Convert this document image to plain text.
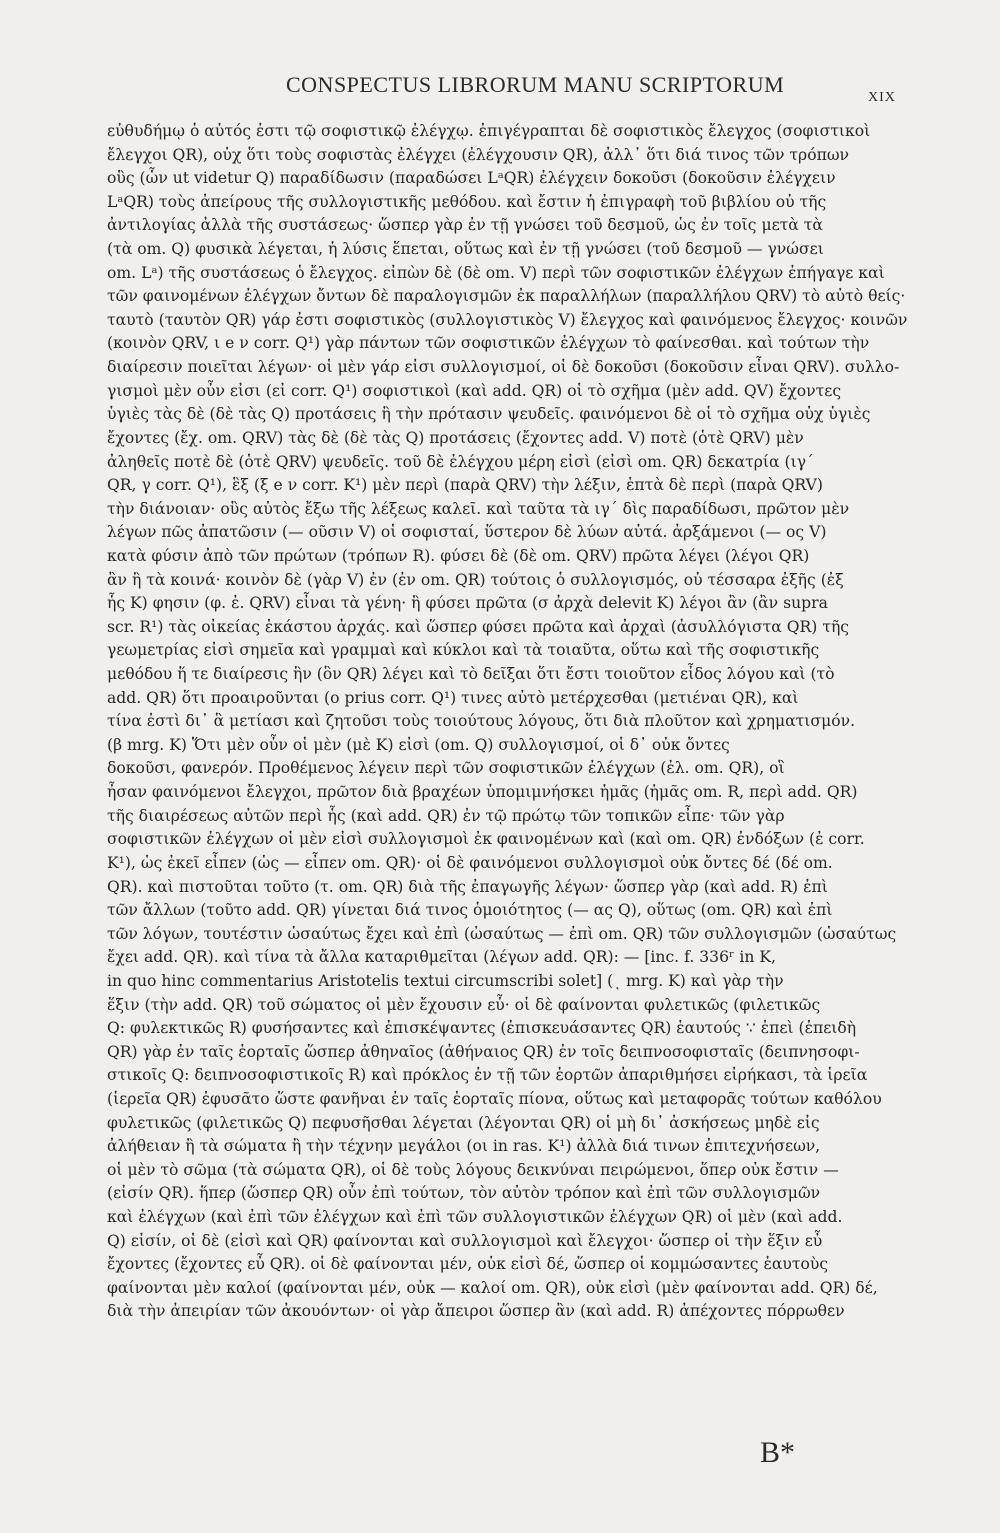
CONSPECTUS LIBRORUM MANU SCRIPTORUM
XIX
εὐθυδήμῳ ὁ αὐτός ἐστι τῷ σοφιστικῷ ἐλέγχῳ. ἐπιγέγραπται δὲ σοφιστικὸς ἔλεγχος (σοφιστικοὶ
ἔλεγχοι QR), οὐχ ὅτι τοὺς σοφιστὰς ἐλέγχει (ἐλέγχουσιν QR), ἀλλ᾽ ὅτι διά τινος τῶν τρόπων
οὓς (ὧν ut videtur Q) παραδίδωσιν (παραδώσει LᵃQR) ἐλέγχειν δοκοῦσι (δοκοῦσιν ἐλέγχειν
LᵃQR) τοὺς ἀπείρους τῆς συλλογιστικῆς μεθόδου. καὶ ἔστιν ἡ ἐπιγραφὴ τοῦ βιβλίου οὐ τῆς
ἀντιλογίας ἀλλὰ τῆς συστάσεως· ὥσπερ γὰρ ἐν τῇ γνώσει τοῦ δεσμοῦ, ὡς ἐν τοῖς μετὰ τὰ
(τὰ om. Q) φυσικὰ λέγεται, ἡ λύσις ἕπεται, οὕτως καὶ ἐν τῇ γνώσει (τοῦ δεσμοῦ — γνώσει
om. Lᵃ) τῆς συστάσεως ὁ ἔλεγχος. εἰπὼν δὲ (δὲ om. V) περὶ τῶν σοφιστικῶν ἐλέγχων ἐπήγαγε καὶ
τῶν φαινομένων ἐλέγχων ὄντων δὲ παραλογισμῶν ἐκ παραλλήλων (παραλλήλου QRV) τὸ αὐτὸ θείς·
ταυτὸ (ταυτὸν QR) γάρ ἐστι σοφιστικὸς (συλλογιστικὸς V) ἔλεγχος καὶ φαινόμενος ἔλεγχος· κοινῶν
(κοινὸν QRV, ι e ν corr. Q¹) γὰρ πάντων τῶν σοφιστικῶν ἐλέγχων τὸ φαίνεσθαι. καὶ τούτων τὴν
διαίρεσιν ποιεῖται λέγων· οἱ μὲν γάρ εἰσι συλλογισμοί, οἱ δὲ δοκοῦσι (δοκοῦσιν εἶναι QRV). συλλο-
γισμοὶ μὲν οὖν εἰσι (εἰ corr. Q¹) σοφιστικοὶ (καὶ add. QR) οἱ τὸ σχῆμα (μὲν add. QV) ἔχοντες
ὑγιὲς τὰς δὲ (δὲ τὰς Q) προτάσεις ἢ τὴν πρότασιν ψευδεῖς. φαινόμενοι δὲ οἱ τὸ σχῆμα οὐχ ὑγιὲς
ἔχοντες (ἔχ. om. QRV) τὰς δὲ (δὲ τὰς Q) προτάσεις (ἔχοντες add. V) ποτὲ (ὁτὲ QRV) μὲν
ἀληθεῖς ποτὲ δὲ (ὁτὲ QRV) ψευδεῖς. τοῦ δὲ ἐλέγχου μέρη εἰσὶ (εἰσὶ om. QR) δεκατρία (ιγ´
QR, γ corr. Q¹), ἓξ (ξ e ν corr. K¹) μὲν περὶ (παρὰ QRV) τὴν λέξιν, ἑπτὰ δὲ περὶ (παρὰ QRV)
τὴν διάνοιαν· οὓς αὐτὸς ἔξω τῆς λέξεως καλεῖ. καὶ ταῦτα τὰ ιγ´ δὶς παραδίδωσι, πρῶτον μὲν
λέγων πῶς ἀπατῶσιν (— οῦσιν V) οἱ σοφισταί, ὕστερον δὲ λύων αὐτά. ἀρξάμενοι (— ος V)
κατὰ φύσιν ἀπὸ τῶν πρώτων (τρόπων R). φύσει δὲ (δὲ om. QRV) πρῶτα λέγει (λέγοι QR)
ἂν ἢ τὰ κοινά· κοινὸν δὲ (γὰρ V) ἐν (ἐν om. QR) τούτοις ὁ συλλογισμός, οὐ τέσσαρα ἐξῆς (ἐξ
ἧς K) φησιν (φ. ἐ. QRV) εἶναι τὰ γένη· ἢ φύσει πρῶτα (σ ἀρχὰ delevit K) λέγοι ἂν (ἂν supra
scr. R¹) τὰς οἰκείας ἑκάστου ἀρχάς. καὶ ὥσπερ φύσει πρῶτα καὶ ἀρχαὶ (ἀσυλλόγιστα QR) τῆς
γεωμετρίας εἰσὶ σημεῖα καὶ γραμμαὶ καὶ κύκλοι καὶ τὰ τοιαῦτα, οὕτω καὶ τῆς σοφιστικῆς
μεθόδου ἥ τε διαίρεσις ἣν (ὃν QR) λέγει καὶ τὸ δεῖξαι ὅτι ἔστι τοιοῦτον εἶδος λόγου καὶ (τὸ
add. QR) ὅτι προαιροῦνται (ο prius corr. Q¹) τινες αὐτὸ μετέρχεσθαι (μετιέναι QR), καὶ
τίνα ἐστὶ δι᾽ ἃ μετίασι καὶ ζητοῦσι τοὺς τοιούτους λόγους, ὅτι διὰ πλοῦτον καὶ χρηματισμόν.
(β mrg. K) Ὅτι μὲν οὖν οἱ μὲν (μὲ K) εἰσὶ (om. Q) συλλογισμοί, οἱ δ᾽ οὐκ ὄντες
δοκοῦσι, φανερόν. Προθέμενος λέγειν περὶ τῶν σοφιστικῶν ἐλέγχων (ἐλ. om. QR), οἳ
ἦσαν φαινόμενοι ἔλεγχοι, πρῶτον διὰ βραχέων ὑπομιμνήσκει ἡμᾶς (ἡμᾶς om. R, περὶ add. QR)
τῆς διαιρέσεως αὐτῶν περὶ ἧς (καὶ add. QR) ἐν τῷ πρώτῳ τῶν τοπικῶν εἶπε· τῶν γὰρ
σοφιστικῶν ἐλέγχων οἱ μὲν εἰσὶ συλλογισμοὶ ἐκ φαινομένων καὶ (καὶ om. QR) ἐνδόξων (ἐ corr.
K¹), ὡς ἐκεῖ εἶπεν (ὡς — εἶπεν om. QR)· οἱ δὲ φαινόμενοι συλλογισμοὶ οὐκ ὄντες δέ (δέ om.
QR). καὶ πιστοῦται τοῦτο (τ. om. QR) διὰ τῆς ἐπαγωγῆς λέγων· ὥσπερ γὰρ (καὶ add. R) ἐπὶ
τῶν ἄλλων (τοῦτο add. QR) γίνεται διά τινος ὁμοιότητος (— ας Q), οὕτως (om. QR) καὶ ἐπὶ
τῶν λόγων, τουτέστιν ὡσαύτως ἔχει καὶ ἐπὶ (ὡσαύτως — ἐπὶ om. QR) τῶν συλλογισμῶν (ὡσαύτως
ἔχει add. QR). καὶ τίνα τὰ ἄλλα καταριθμεῖται (λέγων add. QR): — [inc. f. 336ʳ in K,
in quo hinc commentarius Aristotelis textui circumscribi solet] (ͺ mrg. K) καὶ γὰρ τὴν
ἕξιν (τὴν add. QR) τοῦ σώματος οἱ μὲν ἔχουσιν εὖ· οἱ δὲ φαίνονται φυλετικῶς (φιλετικῶς
Q: φυλεκτικῶς R) φυσήσαντες καὶ ἐπισκέψαντες (ἐπισκευάσαντες QR) ἑαυτούς ∵ ἐπεὶ (ἐπειδὴ
QR) γὰρ ἐν ταῖς ἑορταῖς ὥσπερ ἀθηναῖος (ἀθήναιος QR) ἐν τοῖς δειπνοσοφισταῖς (δειπνησοφι-
στικοῖς Q: δειπνοσοφιστικοῖς R) καὶ πρόκλος ἐν τῇ τῶν ἑορτῶν ἀπαριθμήσει εἰρήκασι, τὰ ἱρεῖα
(ἱερεῖα QR) ἐφυσᾶτο ὥστε φανῆναι ἐν ταῖς ἑορταῖς πίονα, οὕτως καὶ μεταφορᾶς τούτων καθόλου
φυλετικῶς (φιλετικῶς Q) πεφυσῆσθαι λέγεται (λέγονται QR) οἱ μὴ δι᾽ ἀσκήσεως μηδὲ εἰς
ἀλήθειαν ἢ τὰ σώματα ἢ τὴν τέχνην μεγάλοι (οι in ras. K¹) ἀλλὰ διά τινων ἐπιτεχνήσεων,
οἱ μὲν τὸ σῶμα (τὰ σώματα QR), οἱ δὲ τοὺς λόγους δεικνύναι πειρώμενοι, ὅπερ οὐκ ἔστιν —
(εἰσίν QR). ἥπερ (ὥσπερ QR) οὖν ἐπὶ τούτων, τὸν αὐτὸν τρόπον καὶ ἐπὶ τῶν συλλογισμῶν
καὶ ἐλέγχων (καὶ ἐπὶ τῶν ἐλέγχων καὶ ἐπὶ τῶν συλλογιστικῶν ἐλέγχων QR) οἱ μὲν (καὶ add.
Q) εἰσίν, οἱ δὲ (εἰσὶ καὶ QR) φαίνονται καὶ συλλογισμοὶ καὶ ἔλεγχοι· ὥσπερ οἱ τὴν ἕξιν εὖ
ἔχοντες (ἔχοντες εὖ QR). οἱ δὲ φαίνονται μέν, οὐκ εἰσὶ δέ, ὥσπερ οἱ κομμώσαντες ἑαυτοὺς
φαίνονται μὲν καλοί (φαίνονται μέν, οὐκ — καλοί om. QR), οὐκ εἰσὶ (μὲν φαίνονται add. QR) δέ,
διὰ τὴν ἀπειρίαν τῶν ἀκουόντων· οἱ γὰρ ἄπειροι ὥσπερ ἂν (καὶ add. R) ἀπέχοντες πόρρωθεν
B*
